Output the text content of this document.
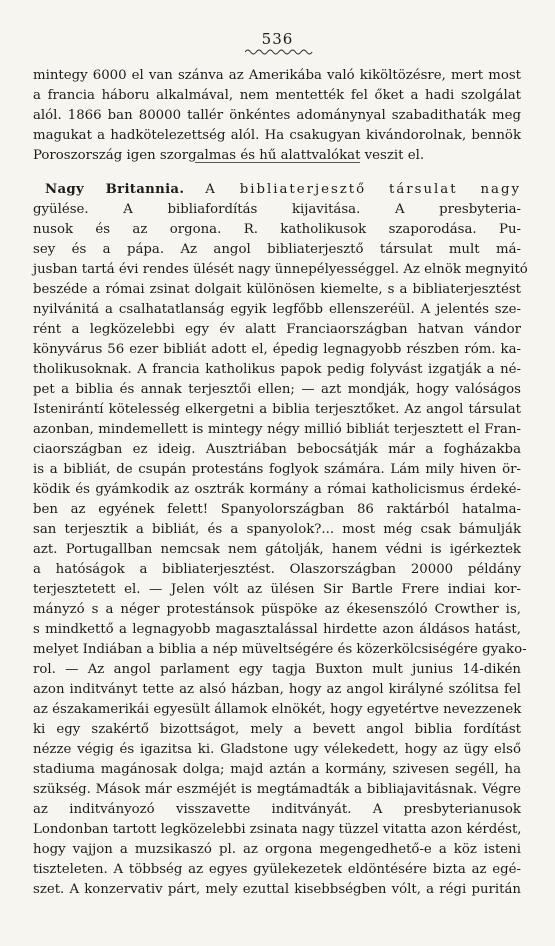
536
mintegy 6000 el van szánva az Amerikába való kiköltözésre, mert most
a francia háboru alkalmával, nem mentették fel őket a hadi szolgálat
alól. 1866 ban 80000 tallér önkéntes adománynyal szabadithaták meg
magukat a hadkötelezettség alól. Ha csakugyan kivándorolnak, bennök
Poroszország igen szorgalmas és hű alattvalókat veszit el.
Nagy Britannia. A bibliaterjesztő társulat nagy
gyülése. A bibliafordítás kijavitása. A presbyteria-
nusok és az orgona. R. katholikusok szaporodása. Pu-
sey és a pápa. Az angol bibliaterjesztő társulat mult má-
jusban tartá évi rendes ülését nagy ünnepélyességgel. Az elnök megnyitó
beszéde a római zsinat dolgait különösen kiemelte, s a bibliaterjesztést
nyilvánitá a csalhatatlanság egyik legfőbb ellenszeréül. A jelentés sze-
rént a legközelebbi egy év alatt Franciaországban hatvan vándor
könyvárus 56 ezer bibliát adott el, épedig legnagyobb részben róm. ka-
tholikusoknak. A francia katholikus papok pedig folyvást izgatják a né-
pet a biblia és annak terjesztői ellen; — azt mondják, hogy valóságos
Istenirántí kötelesség elkergetni a biblia terjesztőket. Az angol társulat
azonban, mindemellett is mintegy négy millió bibliát terjesztett el Fran-
ciaországban ez ideig. Ausztriában bebocsátják már a fogházakba
is a bibliát, de csupán protestáns foglyok számára. Lám mily hiven ör-
ködik és gyámkodik az osztrák kormány a római katholicismus érdeké-
ben az egyének felett! Spanyolországban 86 raktárból hatalma-
san terjesztik a bibliát, és a spanyolok?... most még csak bámulják
azt. Portugallban nemcsak nem gátolják, hanem védni is igérkeztek
a hatóságok a bibliaterjesztést. Olaszországban 20000 példány
terjesztetett el. — Jelen vólt az ülésen Sir Bartle Frere indiai kor-
mányzó s a néger protestánsok püspöke az ékesenszóló Crowther is,
s mindkettő a legnagyobb magasztalással hirdette azon áldásos hatást,
melyet Indiában a biblia a nép müveltségére és közerkölcsiségére gyako-
rol. — Az angol parlament egy tagja Buxton mult junius 14-dikén
azon inditványt tette az alsó házban, hogy az angol királyné szólitsa fel
az északamerikái egyesült államok elnökét, hogy egyetértve nevezzenek
ki egy szakértő bizottságot, mely a bevett angol biblia fordítást
nézze végig és igazitsa ki. Gladstone ugy vélekedett, hogy az ügy első
stadiuma magánosak dolga; majd aztán a kormány, szivesen segéll, ha
szükség. Mások már eszméjét is megtámadták a bibliajavitásnak. Végre
az inditványozó visszavette inditványát. A presbyterianusok
Londonban tartott legközelebbi zsinata nagy tüzzel vitatta azon kérdést,
hogy vajjon a muzsikaszó pl. az orgona megengedhető-e a köz isteni
tiszteleten. A többség az egyes gyülekezetek eldöntésére bizta az egé-
szet. A konzervativ párt, mely ezuttal kisebbségben vólt, a régi puritán
